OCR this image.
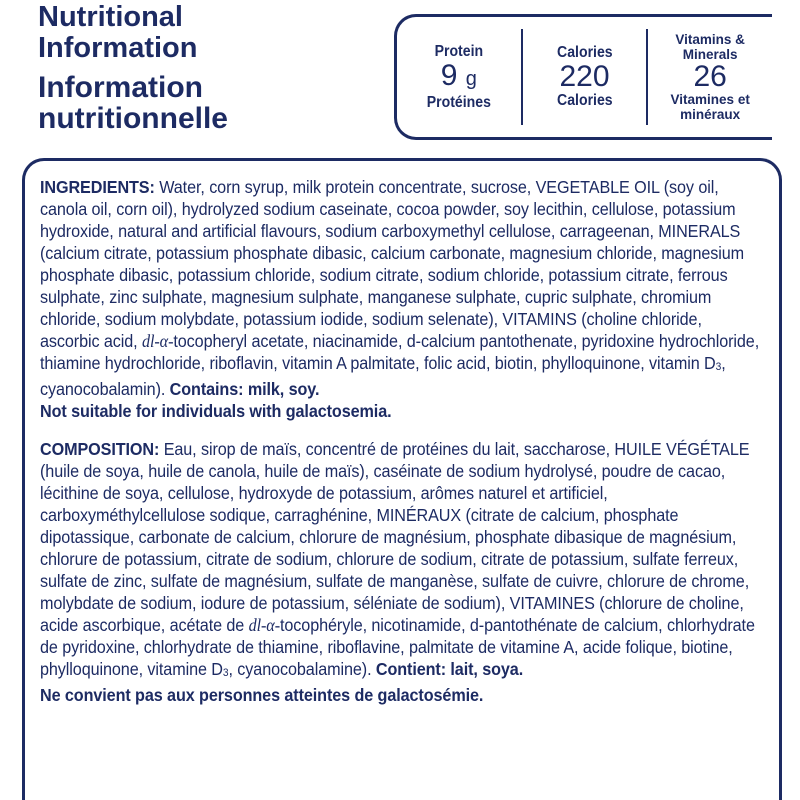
Nutritional
Information
Information
nutritionnelle
Protein
9 g
Protéines
Calories
220
Calories
Vitamins &
Minerals
26
Vitamines et
minéraux

INGREDIENTS: Water, corn syrup, milk protein concentrate, sucrose, VEGETABLE OIL (soy oil, canola oil, corn oil), hydrolyzed sodium caseinate, cocoa powder, soy lecithin, cellulose, potassium hydroxide, natural and artificial flavours, sodium carboxymethyl cellulose, carrageenan, MINERALS (calcium citrate, potassium phosphate dibasic, calcium carbonate, magnesium chloride, magnesium phosphate dibasic, potassium chloride, sodium citrate, sodium chloride, potassium citrate, ferrous sulphate, zinc sulphate, magnesium sulphate, manganese sulphate, cupric sulphate, chromium chloride, sodium molybdate, potassium iodide, sodium selenate), VITAMINS (choline chloride, ascorbic acid, dl-α-tocopheryl acetate, niacinamide, d-calcium pantothenate, pyridoxine hydrochloride, thiamine hydrochloride, riboflavin, vitamin A palmitate, folic acid, biotin, phylloquinone, vitamin $D_3$, cyanocobalamin). Contains: milk, soy.
Not suitable for individuals with galactosemia.

COMPOSITION: Eau, sirop de maïs, concentré de protéines du lait, saccharose, HUILE VÉGÉTALE (huile de soya, huile de canola, huile de maïs), caséinate de sodium hydrolysé, poudre de cacao, lécithine de soya, cellulose, hydroxyde de potassium, arômes naturel et artificiel, carboxyméthylcellulose sodique, carraghénine, MINÉRAUX (citrate de calcium, phosphate dipotassique, carbonate de calcium, chlorure de magnésium, phosphate dibasique de magnésium, chlorure de potassium, citrate de sodium, chlorure de sodium, citrate de potassium, sulfate ferreux, sulfate de zinc, sulfate de magnésium, sulfate de manganèse, sulfate de cuivre, chlorure de chrome, molybdate de sodium, iodure de potassium, séléniate de sodium), VITAMINES (chlorure de choline, acide ascorbique, acétate de dl-α-tocophéryle, nicotinamide, d-pantothénate de calcium, chlorhydrate de pyridoxine, chlorhydrate de thiamine, riboflavine, palmitate de vitamine A, acide folique, biotine, phylloquinone, vitamine $D_3$, cyanocobalamine). Contient: lait, soya.
Ne convient pas aux personnes atteintes de galactosémie.
